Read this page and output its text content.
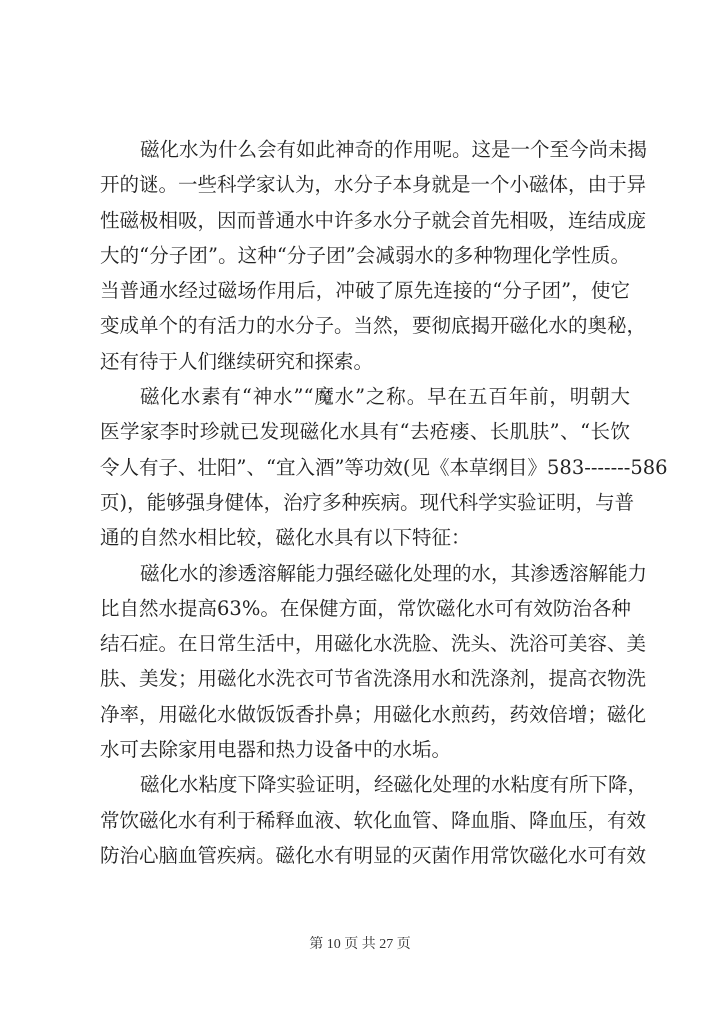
磁化水为什么会有如此神奇的作用呢。这是一个至今尚未揭
开的谜。一些科学家认为，水分子本身就是一个小磁体，由于异
性磁极相吸，因而普通水中许多水分子就会首先相吸，连结成庞
大的“分子团”。这种“分子团”会减弱水的多种物理化学性质。
当普通水经过磁场作用后，冲破了原先连接的“分子团”，使它
变成单个的有活力的水分子。当然，要彻底揭开磁化水的奥秘，
还有待于人们继续研究和探索。
磁化水素有“神水”“魔水”之称。早在五百年前，明朝大
医学家李时珍就已发现磁化水具有“去疮瘘、长肌肤”、“长饮
令人有子、壮阳”、“宜入酒”等功效(见《本草纲目》583-------586
页)，能够强身健体，治疗多种疾病。现代科学实验证明，与普
通的自然水相比较，磁化水具有以下特征：
磁化水的渗透溶解能力强经磁化处理的水，其渗透溶解能力
比自然水提高63%。在保健方面，常饮磁化水可有效防治各种
结石症。在日常生活中，用磁化水洗脸、洗头、洗浴可美容、美
肤、美发；用磁化水洗衣可节省洗涤用水和洗涤剂，提高衣物洗
净率，用磁化水做饭饭香扑鼻；用磁化水煎药，药效倍增；磁化
水可去除家用电器和热力设备中的水垢。
磁化水粘度下降实验证明，经磁化处理的水粘度有所下降，
常饮磁化水有利于稀释血液、软化血管、降血脂、降血压，有效
防治心脑血管疾病。磁化水有明显的灭菌作用常饮磁化水可有效
第 10 页 共 27 页
